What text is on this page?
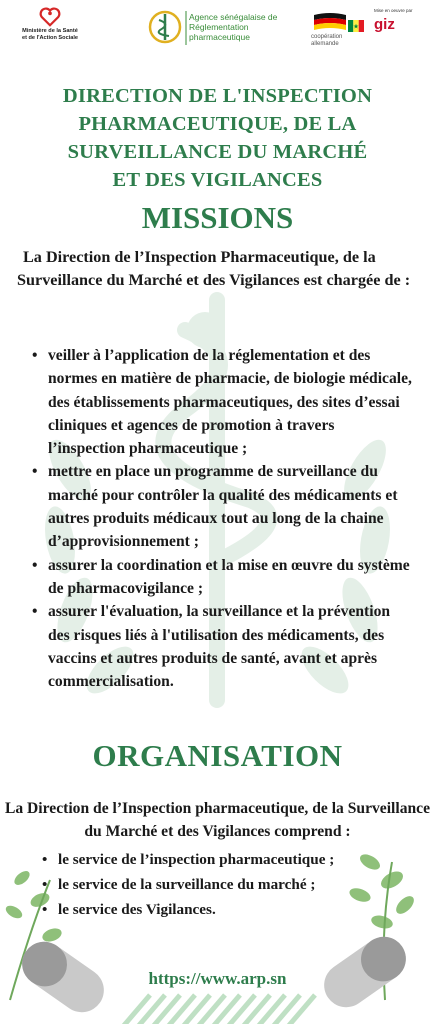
Ministère de la Santé
et de l'Action Sociale
Agence sénégalaise de
Réglementation
pharmaceutique	coopération
allemande
Mise en oeuvre par
giz
DIRECTION DE L'INSPECTION
PHARMACEUTIQUE, DE LA
SURVEILLANCE DU MARCHÉ
ET DES VIGILANCES
MISSIONS
La Direction de l’Inspection Pharmaceutique, de la Surveillance du Marché et des Vigilances est chargée de :
• veiller à l’application de la réglementation et des normes en matière de pharmacie, de biologie médicale, des établissements pharmaceutiques, des sites d’essai cliniques et agences de promotion à travers l’inspection pharmaceutique ;
• mettre en place un programme de surveillance du marché pour contrôler la qualité des médicaments et autres produits médicaux tout au long de la chaine d’approvisionnement ;
• assurer la coordination et la mise en œuvre du système de pharmacovigilance ;
• assurer l'évaluation, la surveillance et la prévention des risques liés à l'utilisation des médicaments, des vaccins et autres produits de santé, avant et après commercialisation.
ORGANISATION
La Direction de l’Inspection pharmaceutique, de la Surveillance du Marché et des Vigilances comprend :
• le service de l’inspection pharmaceutique ;
• le service de la surveillance du marché ;
• le service des Vigilances.
https://www.arp.sn
